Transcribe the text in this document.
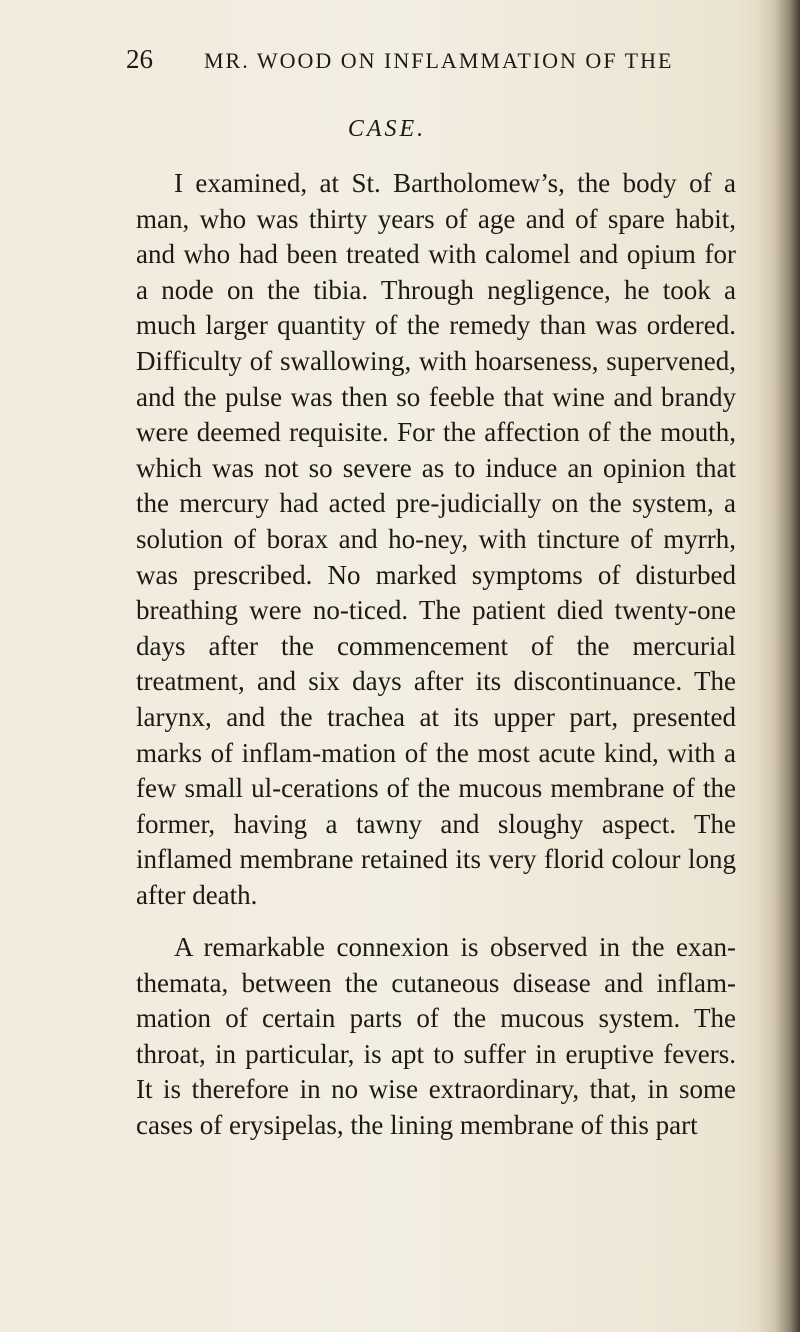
26 MR. WOOD ON INFLAMMATION OF THE
CASE.

I examined, at St. Bartholomew’s, the body of a man, who was thirty years of age and of spare habit, and who had been treated with calomel and opium for a node on the tibia. Through negligence, he took a much larger quantity of the remedy than was ordered. Difficulty of swallowing, with hoarseness, supervened, and the pulse was then so feeble that wine and brandy were deemed requisite. For the affection of the mouth, which was not so severe as to induce an opinion that the mercury had acted pre-judicially on the system, a solution of borax and ho-ney, with tincture of myrrh, was prescribed. No marked symptoms of disturbed breathing were no-ticed. The patient died twenty-one days after the commencement of the mercurial treatment, and six days after its discontinuance. The larynx, and the trachea at its upper part, presented marks of inflam-mation of the most acute kind, with a few small ul-cerations of the mucous membrane of the former, having a tawny and sloughy aspect. The inflamed membrane retained its very florid colour long after death.

A remarkable connexion is observed in the exan-themata, between the cutaneous disease and inflam-mation of certain parts of the mucous system. The throat, in particular, is apt to suffer in eruptive fevers. It is therefore in no wise extraordinary, that, in some cases of erysipelas, the lining membrane of this part
